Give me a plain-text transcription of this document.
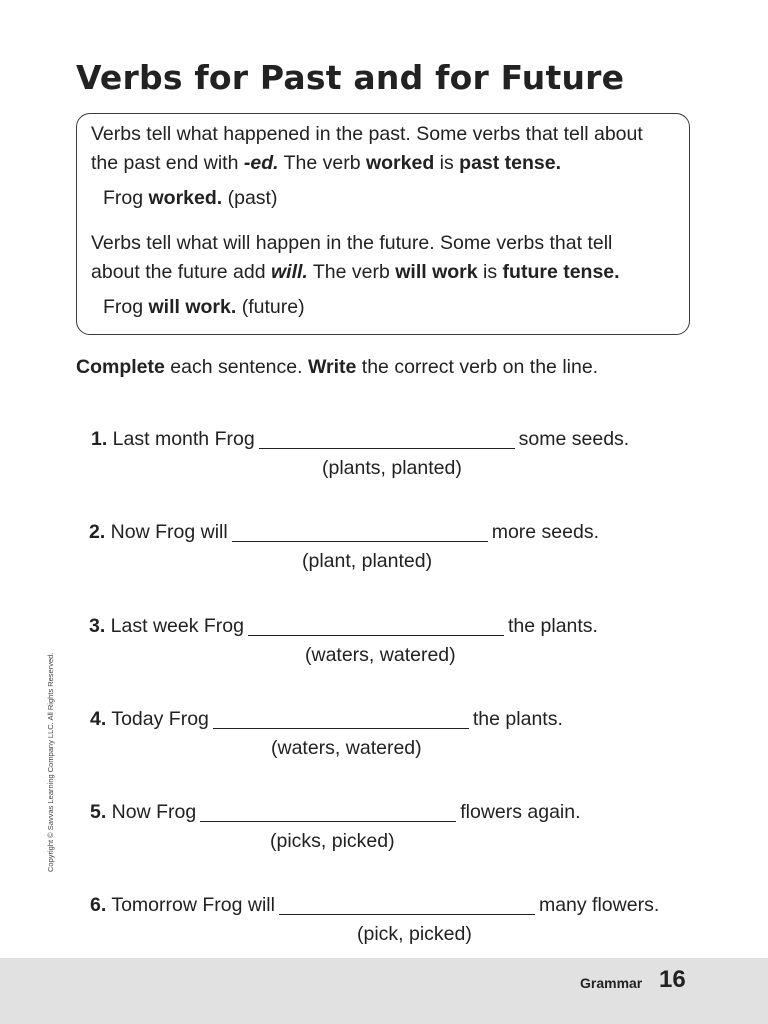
Verbs for Past and for Future
Verbs tell what happened in the past. Some verbs that tell about
the past end with -ed. The verb worked is past tense.
Frog worked. (past)
Verbs tell what will happen in the future. Some verbs that tell
about the future add will. The verb will work is future tense.
Frog will work. (future)
Complete each sentence. Write the correct verb on the line.
1. Last month Frog	some seeds.
(plants, planted)
2. Now Frog will	more seeds.
(plant, planted)
3. Last week Frog	the plants.
(waters, watered)
4. Today Frog	the plants.
(waters, watered)
5. Now Frog	flowers again.
(picks, picked)
6. Tomorrow Frog will	many flowers.
(pick, picked)
Copyright © Savvas Learning Company LLC. All Rights Reserved.
Grammar 16
